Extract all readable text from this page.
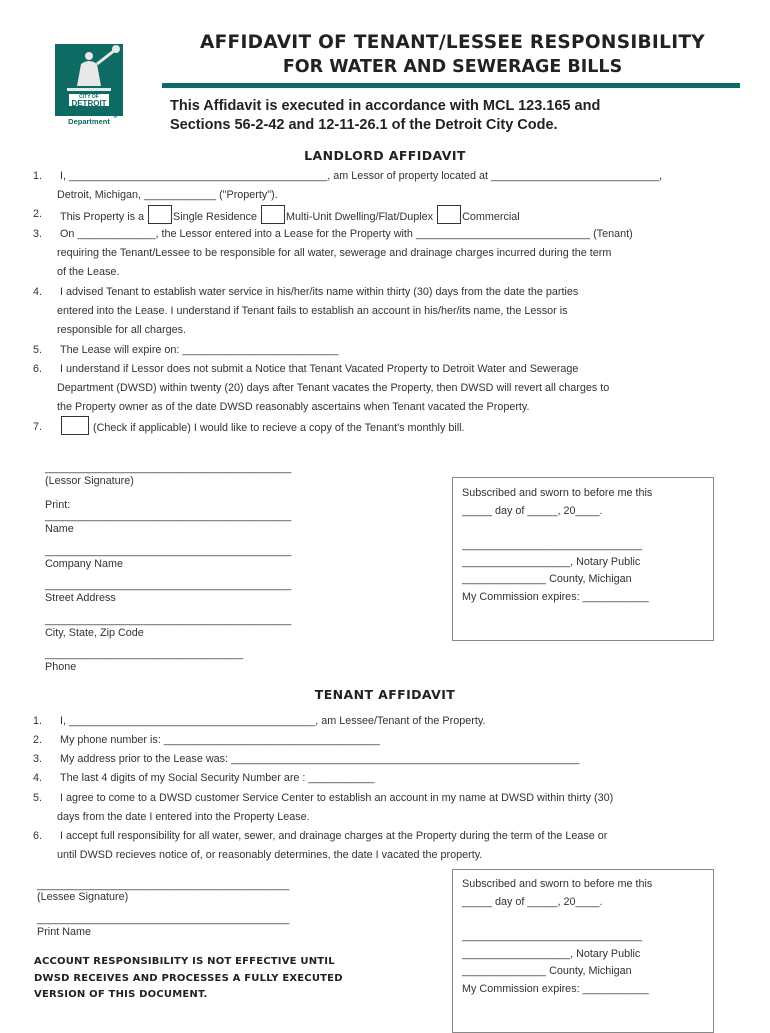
CITY OF
DETROIT
Water & Sewerage
Department
AFFIDAVIT OF TENANT/LESSEE RESPONSIBILITY
FOR WATER AND SEWERAGE BILLS
This Affidavit is executed in accordance with MCL 123.165 and
Sections 56-2-42 and 12-11-26.1 of the Detroit City Code.
LANDLORD AFFIDAVIT
1. I, ___________________________________________, am Lessor of property located at ____________________________,
Detroit, Michigan, ____________ ("Property").
2. This Property is a	Single Residence	Multi-Unit Dwelling/Flat/Duplex	Commercial
3. On _____________, the Lessor entered into a Lease for the Property with _____________________________ (Tenant)
requiring the Tenant/Lessee to be responsible for all water, sewerage and drainage charges incurred during the term
of the Lease.
4. I advised Tenant to establish water service in his/her/its name within thirty (30) days from the date the parties
entered into the Lease. I understand if Tenant fails to establish an account in his/her/its name, the Lessor is
responsible for all charges.
5. The Lease will expire on: __________________________
6. I understand if Lessor does not submit a Notice that Tenant Vacated Property to Detroit Water and Sewerage
Department (DWSD) within twenty (20) days after Tenant vacates the Property, then DWSD will revert all charges to
the Property owner as of the date DWSD reasonably ascertains when Tenant vacated the Property.
7.	(Check if applicable) I would like to recieve a copy of the Tenant's monthly bill.
_________________________________________
(Lessor Signature)
Print:
_________________________________________
Name
_________________________________________
Company Name
_________________________________________
Street Address
_________________________________________
City, State, Zip Code
_________________________________
Phone
Subscribed and sworn to before me this
_____ day of _____, 20____.
______________________________
__________________, Notary Public
______________ County, Michigan
My Commission expires: ___________
TENANT AFFIDAVIT
1. I, _________________________________________, am Lessee/Tenant of the Property.
2. My phone number is: ____________________________________
3. My address prior to the Lease was: __________________________________________________________
4. The last 4 digits of my Social Security Number are : ___________
5. I agree to come to a DWSD customer Service Center to establish an account in my name at DWSD within thirty (30)
days from the date I entered into the Property Lease.
6. I accept full responsibility for all water, sewer, and drainage charges at the Property during the term of the Lease or
until DWSD recieves notice of, or reasonably determines, the date I vacated the property.
__________________________________________
(Lessee Signature)
__________________________________________
Print Name
ACCOUNT RESPONSIBILITY IS NOT EFFECTIVE UNTIL
DWSD RECEIVES AND PROCESSES A FULLY EXECUTED
VERSION OF THIS DOCUMENT.
Subscribed and sworn to before me this
_____ day of _____, 20____.
______________________________
__________________, Notary Public
______________ County, Michigan
My Commission expires: ___________
